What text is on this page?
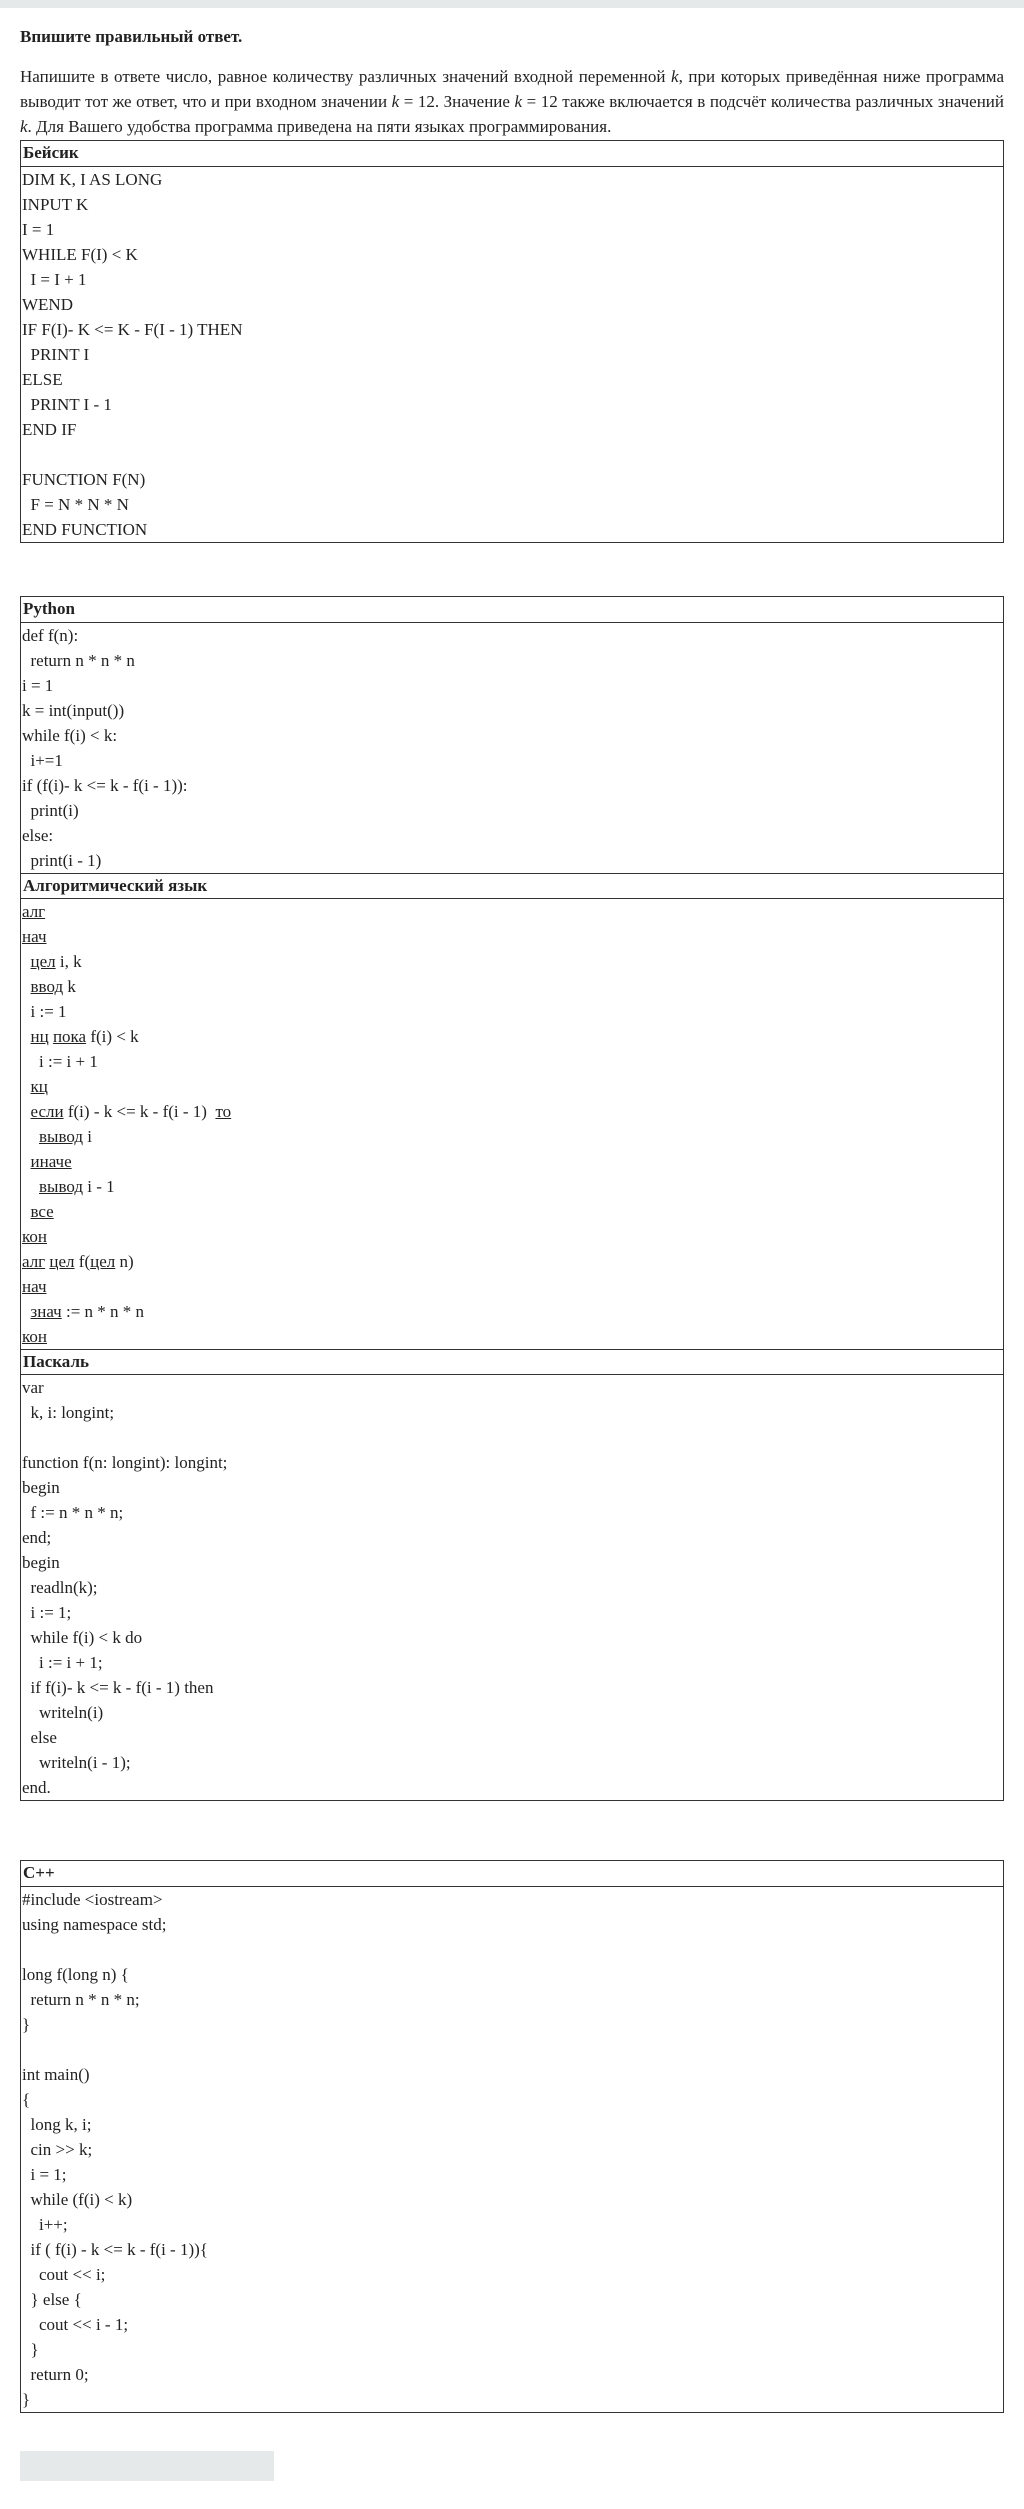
Впишите правильный ответ.
Напишите в ответе число, равное количеству различных значений входной переменной k, при которых приведённая ниже программа выводит тот же ответ, что и при входном значении k = 12. Значение k = 12 также включается в подсчёт количества различных значений k. Для Вашего удобства программа приведена на пяти языках программирования.
Бейсик
DIM K, I AS LONG
INPUT K
I = 1
WHILE F(I) < K
I = I + 1
WEND
IF F(I)- K <= K - F(I - 1) THEN
PRINT I
ELSE
PRINT I - 1
END IF
FUNCTION F(N)
F = N * N * N
END FUNCTION
Python
def f(n):
return n * n * n
i = 1
k = int(input())
while f(i) < k:
i+=1
if (f(i)- k <= k - f(i - 1)):
print(i)
else:
print(i - 1)
Алгоритмический язык
алг
нач
цел i, k
ввод k
i := 1
нц пока f(i) < k
i := i + 1
кц
если f(i) - k <= k - f(i - 1)  то
вывод i
иначе
вывод i - 1
все
кон
алг цел f(цел n)
нач
знач := n * n * n
кон
Паскаль
var
k, i: longint;
function f(n: longint): longint;
begin
f := n * n * n;
end;
begin
readln(k);
i := 1;
while f(i) < k do
i := i + 1;
if f(i)- k <= k - f(i - 1) then
writeln(i)
else
writeln(i - 1);
end.
C++
#include <iostream>
using namespace std;
long f(long n) {
return n * n * n;
}
int main()
{
long k, i;
cin >> k;
i = 1;
while (f(i) < k)
i++;
if ( f(i) - k <= k - f(i - 1)){
cout << i;
} else {
cout << i - 1;
}
return 0;
}
